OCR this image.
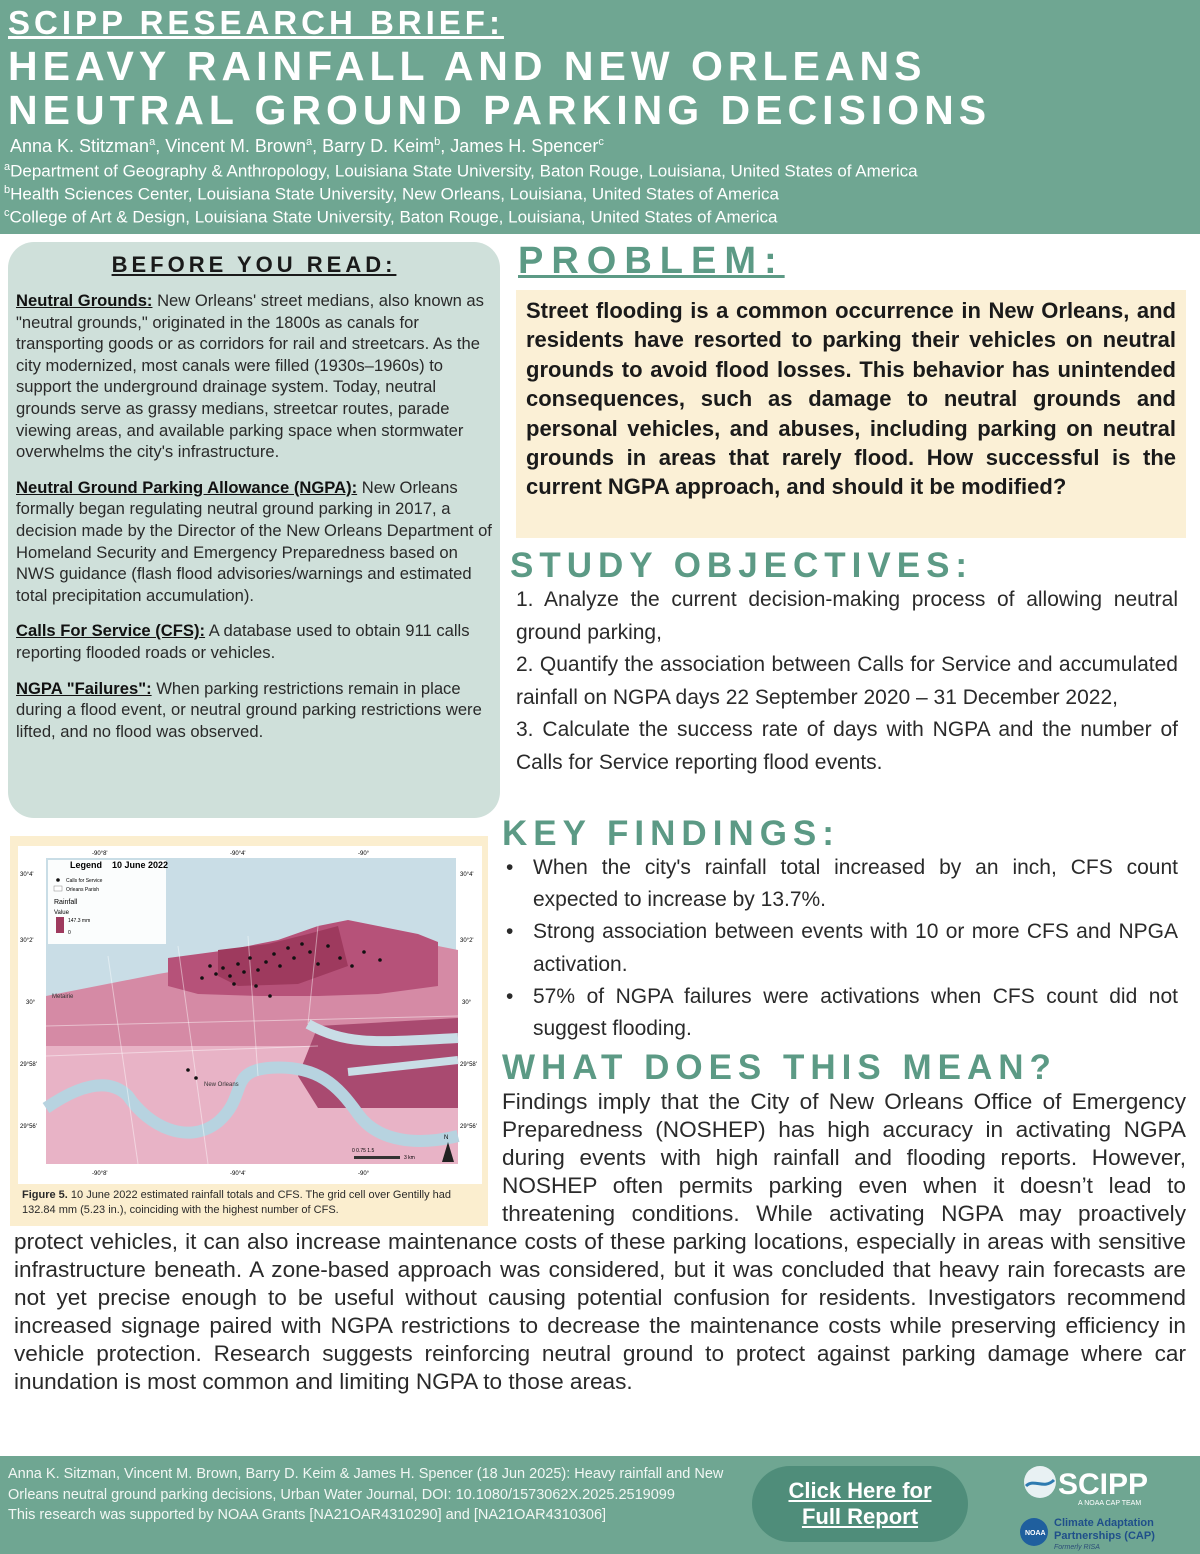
SCIPP RESEARCH BRIEF:
HEAVY RAINFALL AND NEW ORLEANS
NEUTRAL GROUND PARKING DECISIONS
Anna K. Stitzman$^a$, Vincent M. Brown$^a$, Barry D. Keim$^b$, James H. Spencer$^c$
$^a$Department of Geography & Anthropology, Louisiana State University, Baton Rouge, Louisiana, United States of America
$^b$Health Sciences Center, Louisiana State University, New Orleans, Louisiana, United States of America
$^c$College of Art & Design, Louisiana State University, Baton Rouge, Louisiana, United States of America
BEFORE YOU READ:

Neutral Grounds: New Orleans' street medians, also known as "neutral grounds," originated in the 1800s as canals for transporting goods or as corridors for rail and streetcars. As the city modernized, most canals were filled (1930s–1960s) to support the underground drainage system. Today, neutral grounds serve as grassy medians, streetcar routes, parade viewing areas, and available parking space when stormwater overwhelms the city's infrastructure.

Neutral Ground Parking Allowance (NGPA): New Orleans formally began regulating neutral ground parking in 2017, a decision made by the Director of the New Orleans Department of Homeland Security and Emergency Preparedness based on NWS guidance (flash flood advisories/warnings and estimated total precipitation accumulation).

Calls For Service (CFS): A database used to obtain 911 calls reporting flooded roads or vehicles.

NGPA "Failures": When parking restrictions remain in place during a flood event, or neutral ground parking restrictions were lifted, and no flood was observed.

PROBLEM:
Street flooding is a common occurrence in New Orleans, and residents have resorted to parking their vehicles on neutral grounds to avoid flood losses. This behavior has unintended consequences, such as damage to neutral grounds and personal vehicles, and abuses, including parking on neutral grounds in areas that rarely flood. How successful is the current NGPA approach, and should it be modified?
STUDY OBJECTIVES:
1. Analyze the current decision-making process of allowing neutral ground parking,
2. Quantify the association between Calls for Service and accumulated rainfall on NGPA days 22 September 2020 – 31 December 2022,
3. Calculate the success rate of days with NGPA and the number of Calls for Service reporting flood events.
KEY FINDINGS:
• When the city's rainfall total increased by an inch, CFS count expected to increase by 13.7%.
• Strong association between events with 10 or more CFS and NPGA activation.
• 57% of NGPA failures were activations when CFS count did not suggest flooding.
Legend 10 June 2022
Calls for Service
Orleans Parish
Rainfall
Value
147.3 mm
0
-90°8'	-90°4'	-90°
-90°8'	-90°4'	-90°
30°4'
30°2'
30°
29°58'
29°56'
30°4'
30°2'
30°
29°58'
29°56'
Metairie
New Orleans
0 0.75 1.5
3 km
N
Figure 5. 10 June 2022 estimated rainfall totals and CFS. The grid cell over Gentilly had 132.84 mm (5.23 in.), coinciding with the highest number of CFS.
WHAT DOES THIS MEAN?
Findings imply that the City of New Orleans Office of Emergency Preparedness (NOSHEP) has high accuracy in activating NGPA during events with high rainfall and flooding reports. However, NOSHEP often permits parking even when it doesn’t lead to threatening conditions. While activating NGPA may proactively protect vehicles, it can also increase maintenance costs of these parking locations, especially in areas with sensitive infrastructure beneath. A zone-based approach was considered, but it was concluded that heavy rain forecasts are not yet precise enough to be useful without causing potential confusion for residents. Investigators recommend increased signage paired with NGPA restrictions to decrease the maintenance costs while preserving efficiency in vehicle protection. Research suggests reinforcing neutral ground to protect against parking damage where car inundation is most common and limiting NGPA to those areas.
Anna K. Sitzman, Vincent M. Brown, Barry D. Keim & James H. Spencer (18 Jun 2025): Heavy rainfall and New Orleans neutral ground parking decisions, Urban Water Journal, DOI: 10.1080/1573062X.2025.2519099
This research was supported by NOAA Grants [NA21OAR4310290] and [NA21OAR4310306]
Click Here for
Full Report
SCIPP
A NOAA CAP TEAM
NOAA
Climate Adaptation
Partnerships (CAP)
Formerly RISA
